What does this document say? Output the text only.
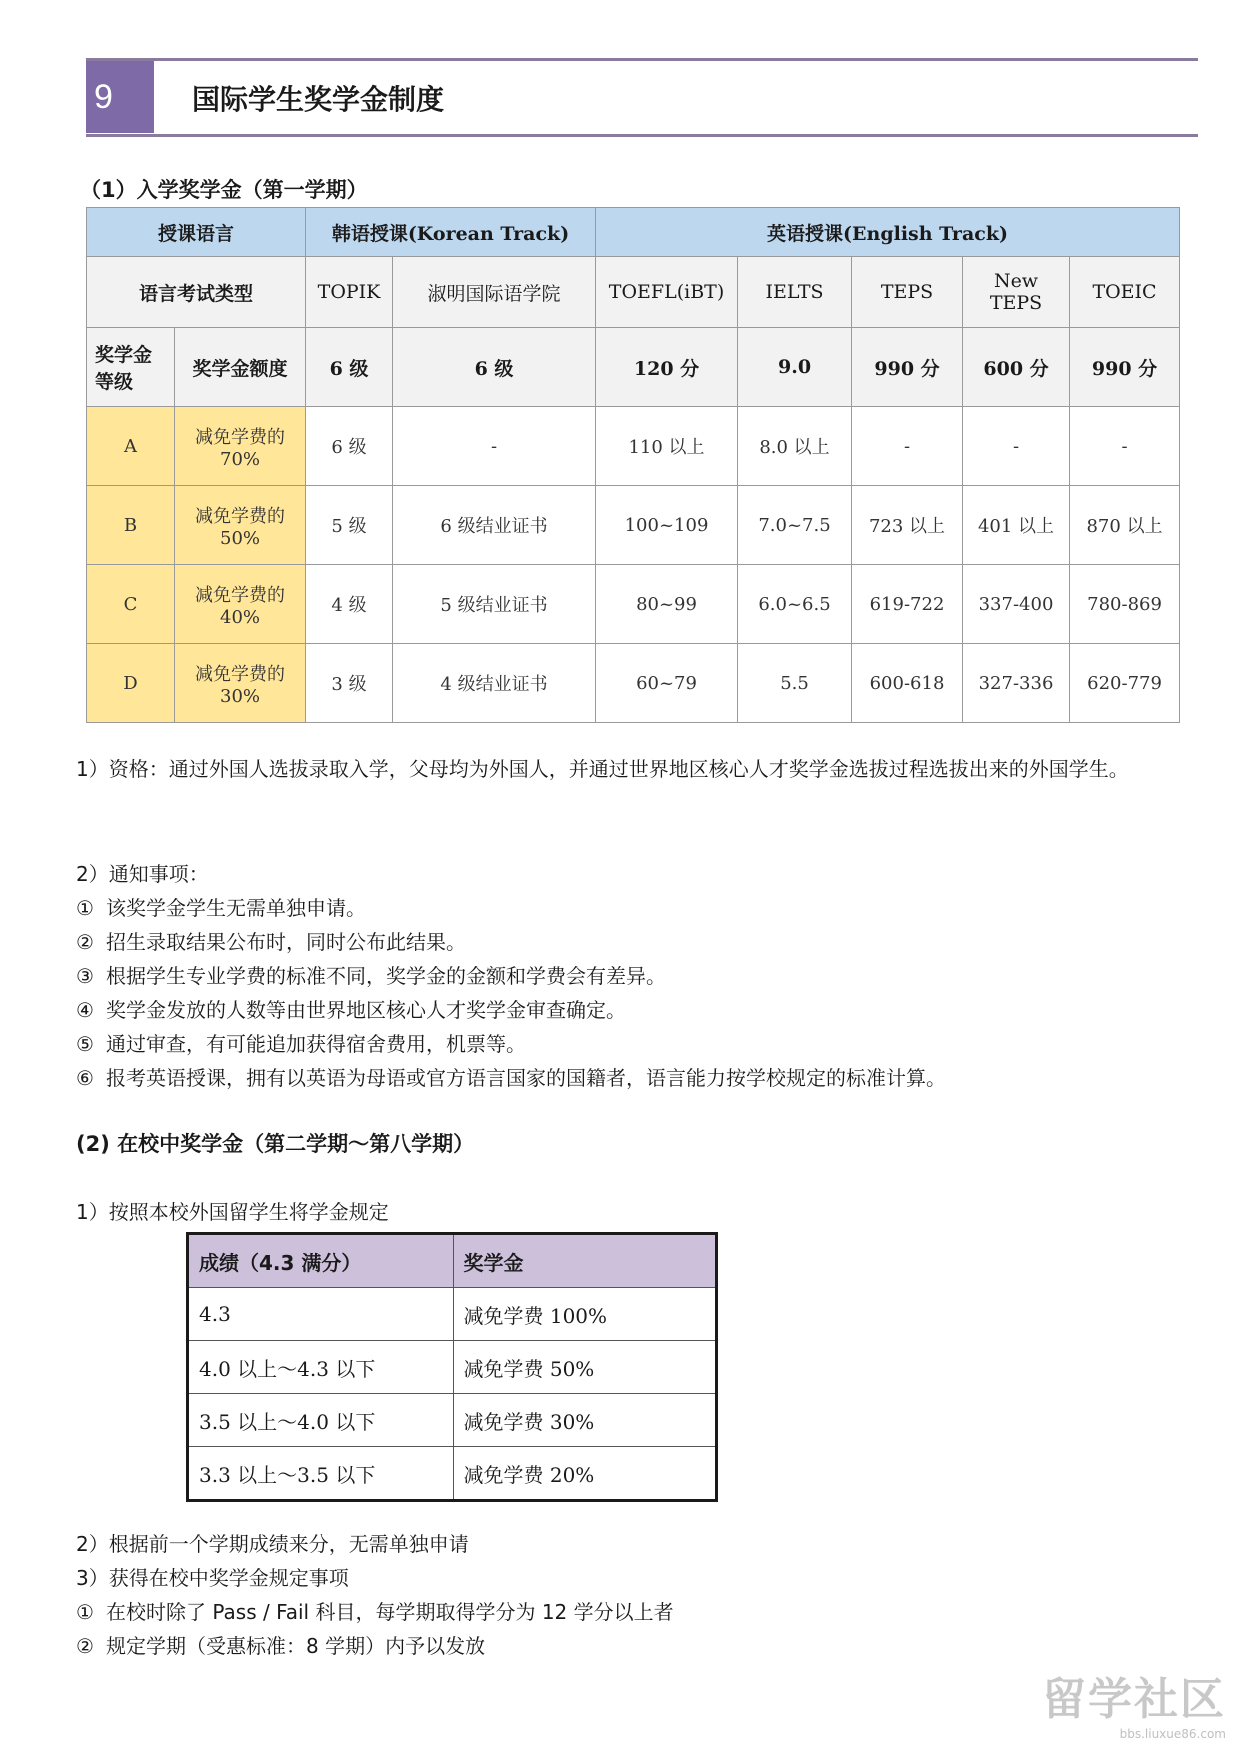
9	国际学生奖学金制度
（1）入学奖学金（第一学期）
授课语言		韩语授课(Korean Track)		英语授课(English Track)				
语言考试类型		TOPIK	淑明国际语学院	TOEFL(iBT)	IELTS	TEPS	New TEPS	TOEIC
奖学金等级	奖学金额度	6 级	6 级	120 分	9.0	990 分	600 分	990 分
A	减免学费的70%	6 级	-	110 以上	8.0 以上	-	-	-
B	减免学费的50%	5 级	6 级结业证书	100~109	7.0~7.5	723 以上	401 以上	870 以上
C	减免学费的40%	4 级	5 级结业证书	80~99	6.0~6.5	619-722	337-400	780-869
D	减免学费的30%	3 级	4 级结业证书	60~79	5.5	600-618	327-336	620-779
1）资格：通过外国人选拔录取入学，父母均为外国人，并通过世界地区核心人才奖学金选拔过程选拔出来的外国学生。
2）通知事项：
① 该奖学金学生无需单独申请。
② 招生录取结果公布时，同时公布此结果。
③ 根据学生专业学费的标准不同，奖学金的金额和学费会有差异。
④ 奖学金发放的人数等由世界地区核心人才奖学金审查确定。
⑤ 通过审查，有可能追加获得宿舍费用，机票等。
⑥ 报考英语授课，拥有以英语为母语或官方语言国家的国籍者，语言能力按学校规定的标准计算。
(2) 在校中奖学金（第二学期～第八学期）
1）按照本校外国留学生将学金规定
成绩（4.3 满分）	奖学金
4.3	减免学费 100%
4.0 以上～4.3 以下	减免学费 50%
3.5 以上～4.0 以下	减免学费 30%
3.3 以上～3.5 以下	减免学费 20%
2）根据前一个学期成绩来分，无需单独申请
3）获得在校中奖学金规定事项
① 在校时除了 Pass / Fail 科目，每学期取得学分为 12 学分以上者
② 规定学期（受惠标准：8 学期）内予以发放
留学社区
bbs.liuxue86.com
